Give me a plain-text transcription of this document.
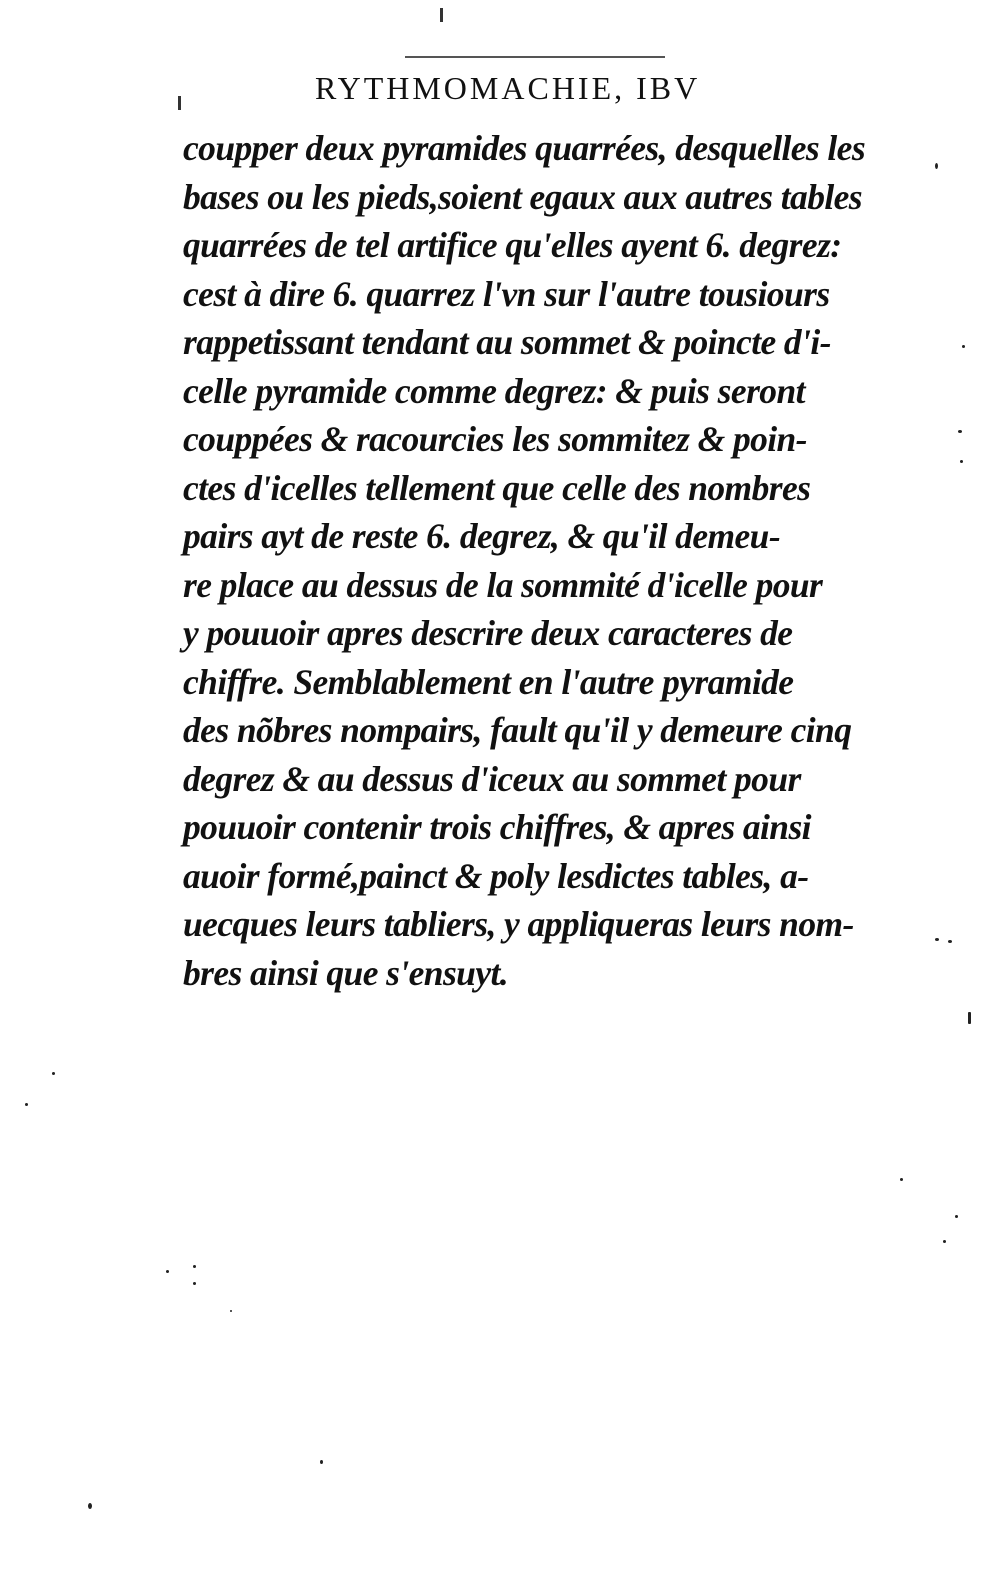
RYTHMOMACHIE, IBV
coupper deux pyramides quarrées, desquelles les
bases ou les pieds,soient egaux aux autres tables
quarrées de tel artifice qu'elles ayent 6. degrez:
cest à dire 6. quarrez l'vn sur l'autre tousiours
rappetissant tendant au sommet & poincte d'i-
celle pyramide comme degrez: & puis seront
couppées & racourcies les sommitez & poin-
ctes d'icelles tellement que celle des nombres
pairs ayt de reste 6. degrez, & qu'il demeu-
re place au dessus de la sommité d'icelle pour
y pouuoir apres descrire deux caracteres de
chiffre. Semblablement en l'autre pyramide
des nõbres nompairs, fault qu'il y demeure cinq
degrez & au dessus d'iceux au sommet pour
pouuoir contenir trois chiffres, & apres ainsi
auoir formé,painct & poly lesdictes tables, a-
uecques leurs tabliers, y appliqueras leurs nom-
bres ainsi que s'ensuyt.
